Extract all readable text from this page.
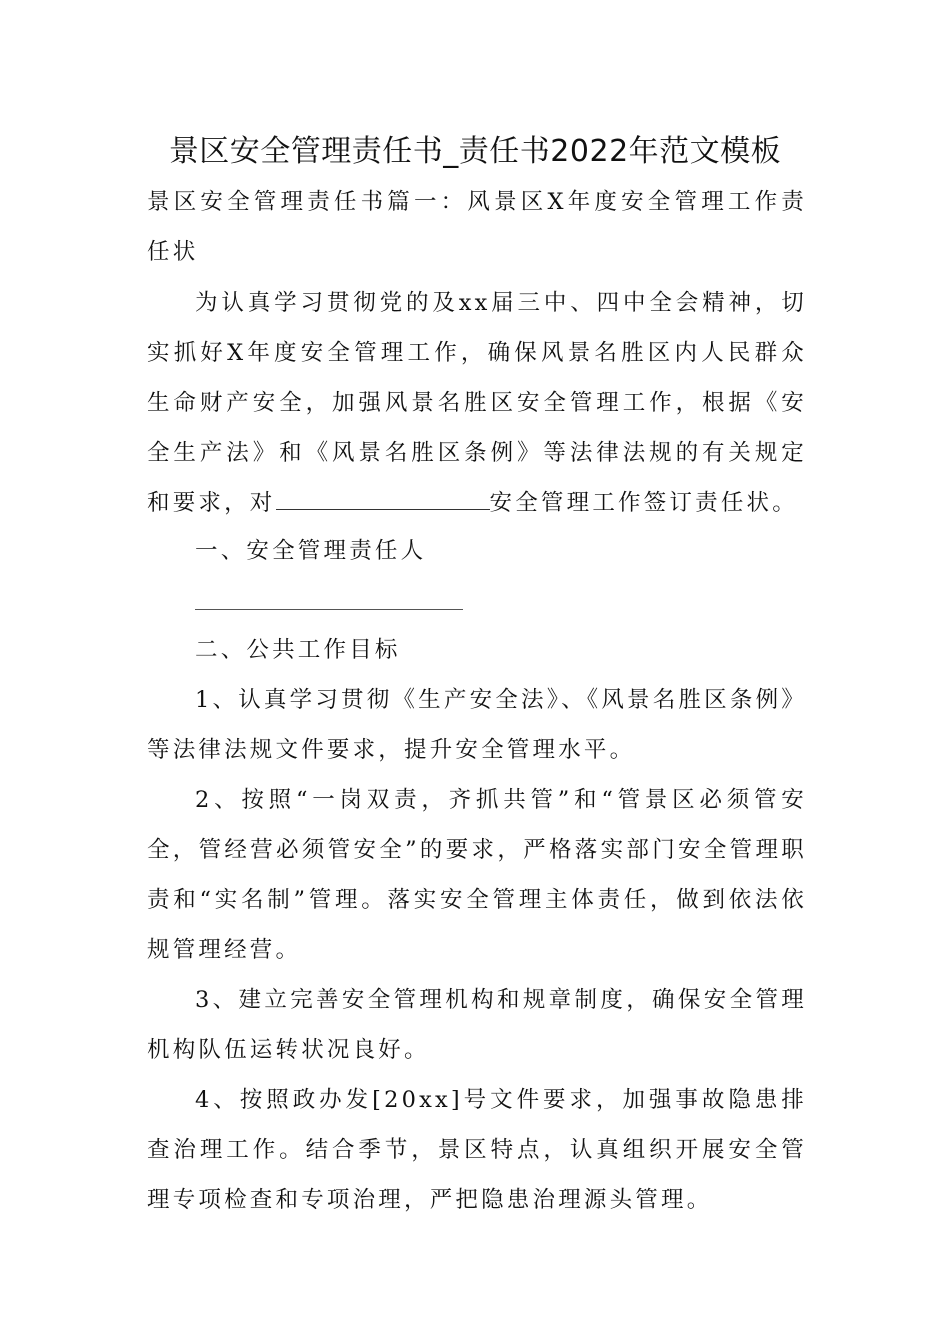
景区安全管理责任书_责任书2022年范文模板

景区安全管理责任书篇一：风景区X年度安全管理工作责任状

为认真学习贯彻党的及xx届三中、四中全会精神，切实抓好X年度安全管理工作，确保风景名胜区内人民群众生命财产安全，加强风景名胜区安全管理工作，根据《安全生产法》和《风景名胜区条例》等法律法规的有关规定和要求，对	安全管理工作签订责任状。

一、安全管理责任人

二、公共工作目标

1、认真学习贯彻《生产安全法》、《风景名胜区条例》等法律法规文件要求，提升安全管理水平。

2、按照“一岗双责，齐抓共管”和“管景区必须管安全，管经营必须管安全”的要求，严格落实部门安全管理职责和“实名制”管理。落实安全管理主体责任，做到依法依规管理经营。

3、建立完善安全管理机构和规章制度，确保安全管理机构队伍运转状况良好。

4、按照政办发[20xx]号文件要求，加强事故隐患排查治理工作。结合季节，景区特点，认真组织开展安全管理专项检查和专项治理，严把隐患治理源头管理。
